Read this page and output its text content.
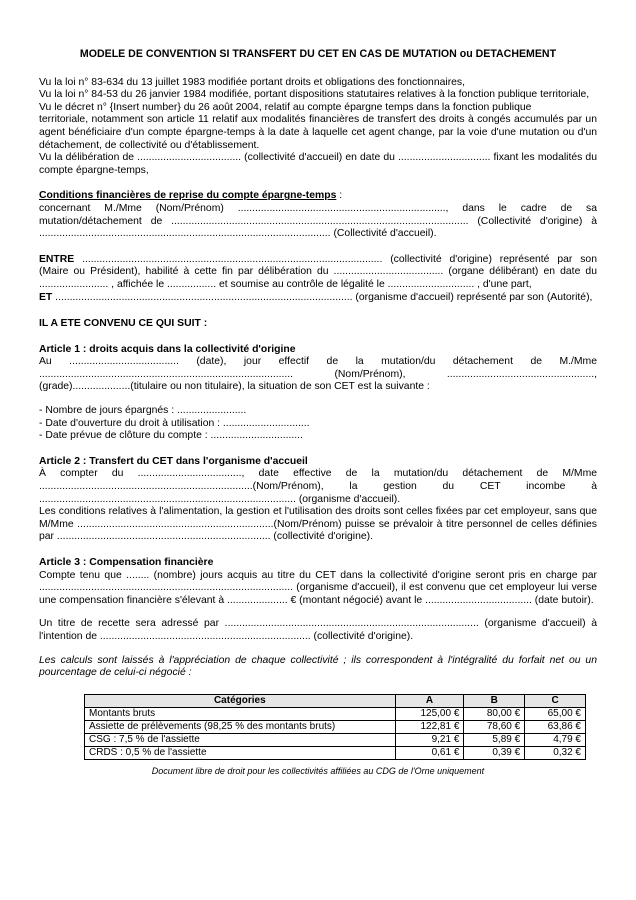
MODELE DE CONVENTION SI TRANSFERT DU CET EN CAS DE MUTATION ou DETACHEMENT

Vu la loi n° 83-634 du 13 juillet 1983 modifiée portant droits et obligations des fonctionnaires,

Vu la loi n° 84-53 du 26 janvier 1984 modifiée, portant dispositions statutaires relatives à la fonction publique territoriale,

Vu le décret n° {Insert number} du 26 août 2004, relatif au compte épargne temps dans la fonction publique

territoriale, notamment son article 11 relatif aux modalités financières de transfert des droits à congés accumulés par un agent bénéficiaire d'un compte épargne-temps à la date à laquelle cet agent change, par la voie d'une mutation ou d'un détachement, de collectivité ou d'établissement.

Vu la délibération de .................................... (collectivité d'accueil) en date du ................................ fixant les modalités du compte épargne-temps,

Conditions financières de reprise du compte épargne-temps :

concernant M./Mme (Nom/Prénom) ........................................................................, dans le cadre de sa mutation/détachement de ....................................................................................................... (Collectivité d'origine) à ..................................................................................................... (Collectivité d'accueil).

ENTRE ........................................................................................................ (collectivité d'origine) représenté par son (Maire ou Président), habilité à cette fin par délibération du ...................................... (organe délibérant) en date du ........................ , affichée le ................. et soumise au contrôle de légalité le .............................. , d'une part,

ET ....................................................................................................... (organisme d'accueil) représenté par son (Autorité),

IL A ETE CONVENU CE QUI SUIT :

Article 1 : droits acquis dans la collectivité d'origine

Au ...................................... (date), jour effectif de la mutation/du détachement de M./Mme ........................................................................................ (Nom/Prénom), ..................................................., (grade)....................(titulaire ou non titulaire), la situation de son CET est la suivante :

- Nombre de jours épargnés : ........................

- Date d'ouverture du droit à utilisation : ..............................

- Date prévue de clôture du compte : ................................

Article 2 : Transfert du CET dans l'organisme d'accueil

À compter du ...................................., date effective de la mutation/du détachement de M/Mme ..........................................................................(Nom/Prénom), la gestion du CET incombe à ......................................................................................... (organisme d'accueil).

Les conditions relatives à l'alimentation, la gestion et l'utilisation des droits sont celles fixées par cet employeur, sans que M/Mme ....................................................................(Nom/Prénom) puisse se prévaloir à titre personnel de celles définies par .......................................................................... (collectivité d'origine).

Article 3 : Compensation financière

Compte tenu que ........ (nombre) jours acquis au titre du CET dans la collectivité d'origine seront pris en charge par ........................................................................................ (organisme d'accueil), il est convenu que cet employeur lui verse une compensation financière s'élevant à ..................... € (montant négocié) avant le ..................................... (date butoir).

Un titre de recette sera adressé par ........................................................................................ (organisme d'accueil) à l'intention de ......................................................................... (collectivité d'origine).

Les calculs sont laissés à l'appréciation de chaque collectivité ; ils correspondent à l'intégralité du forfait net ou un pourcentage de celui-ci négocié :

Catégories	A	B	C
Montants bruts	125,00 €	80,00 €	65,00 €
Assiette de prélèvements (98,25 % des montants bruts)	122,81 €	78,60 €	63,86 €
CSG : 7,5 % de l'assiette	9,21 €	5,89 €	4,79 €
CRDS : 0,5 % de l'assiette	0,61 €	0,39 €	0,32 €

Document libre de droit pour les collectivités affiliées au CDG de l'Orne uniquement
